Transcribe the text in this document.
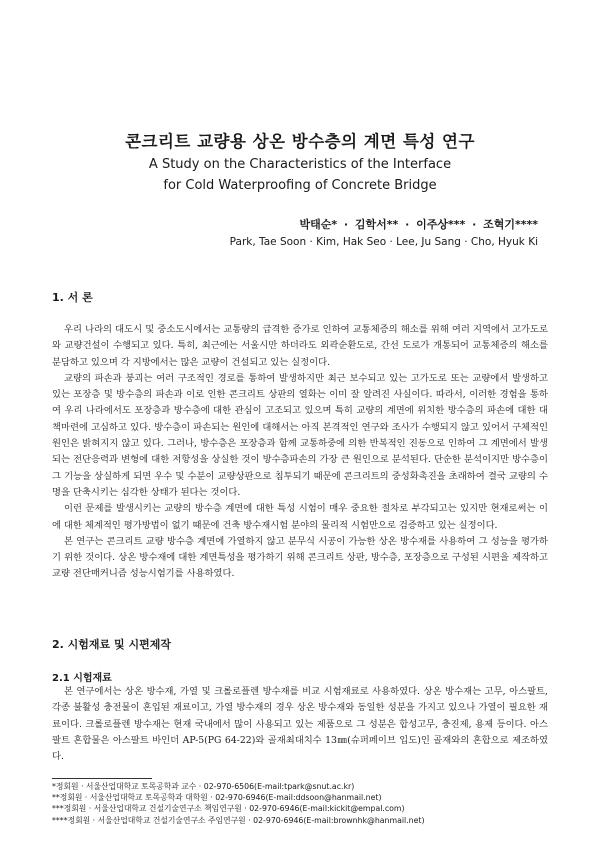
콘크리트 교량용 상온 방수층의 계면 특성 연구
A Study on the Characteristics of the Interface
for Cold Waterproofing of Concrete Bridge
박태순* · 김학서** · 이주상*** · 조혁기****
Park, Tae Soon · Kim, Hak Seo · Lee, Ju Sang · Cho, Hyuk Ki
1. 서 론

우리 나라의 대도시 및 중소도시에서는 교통량의 급격한 증가로 인하여 교통체증의 해소를 위해 여러 지역에서 고가도로와 교량건설이 수행되고 있다. 특히, 최근에는 서울시만 하더라도 외곽순환도로, 간선 도로가 개통되어 교통체증의 해소를 분담하고 있으며 각 지방에서는 많은 교량이 건설되고 있는 실정이다.

교량의 파손과 붕괴는 여러 구조적인 경로를 통하여 발생하지만 최근 보수되고 있는 고가도로 또는 교량에서 발생하고 있는 포장층 및 방수층의 파손과 이로 인한 콘크리트 상판의 열화는 이미 잘 알려진 사실이다. 따라서, 이러한 경험을 통하여 우리 나라에서도 포장층과 방수층에 대한 관심이 고조되고 있으며 특히 교량의 계면에 위치한 방수층의 파손에 대한 대책마련에 고심하고 있다. 방수층이 파손되는 원인에 대해서는 아직 본격적인 연구와 조사가 수행되지 않고 있어서 구체적인 원인은 밝혀지지 않고 있다. 그러나, 방수층은 포장층과 함께 교통하중에 의한 반복적인 진동으로 인하여 그 계면에서 발생되는 전단응력과 변형에 대한 저항성을 상실한 것이 방수층파손의 가장 큰 원인으로 분석된다. 단순한 분석이지만 방수층이 그 기능을 상실하게 되면 우수 및 수분이 교량상판으로 침투되기 때문에 콘크리트의 중성화촉진을 초래하여 결국 교량의 수명을 단축시키는 심각한 상태가 된다는 것이다.

이런 문제를 발생시키는 교량의 방수층 계면에 대한 특성 시험이 매우 중요한 절차로 부각되고는 있지만 현재로써는 이에 대한 체계적인 평가방법이 없기 때문에 건축 방수재시험 분야의 물리적 시험만으로 검증하고 있는 실정이다.

본 연구는 콘크리트 교량 방수층 계면에 가열하지 않고 분무식 시공이 가능한 상온 방수재를 사용하여 그 성능을 평가하기 위한 것이다. 상온 방수재에 대한 계면특성을 평가하기 위해 콘크리트 상판, 방수층, 포장층으로 구성된 시편을 제작하고 교량 전단매커니즘 성능시험기를 사용하였다.

2. 시험재료 및 시편제작
2.1 시험재료

본 연구에서는 상온 방수재, 가열 및 크롤로플렌 방수재를 비교 시험재료로 사용하였다. 상온 방수재는 고무, 아스팔트, 각종 불활성 충전물이 혼입된 재료이고, 가열 방수재의 경우 상온 방수재와 동일한 성분을 가지고 있으나 가열이 필요한 재료이다. 크롤로플렌 방수재는 현재 국내에서 많이 사용되고 있는 제품으로 그 성분은 합성고무, 충진제, 용제 등이다. 아스팔트 혼합물은 아스팔트 바인더 AP-5(PG 64-22)와 골재최대치수 13㎜(슈퍼페이브 입도)인 골재와의 혼합으로 제조하였다.

*정회원 · 서울산업대학교 토목공학과 교수 · 02-970-6506(E-mail:tpark@snut.ac.kr)
**정회원 · 서울산업대학교 토목공학과 대학원 · 02-970-6946(E-mail:ddsoon@hanmail.net)
***정회원 · 서울산업대학교 건설기술연구소 책임연구원 · 02-970-6946(E-mail:kickit@empal.com)
****정회원 · 서울산업대학교 건설기술연구소 주임연구원 · 02-970-6946(E-mail:brownhk@hanmail.net)
